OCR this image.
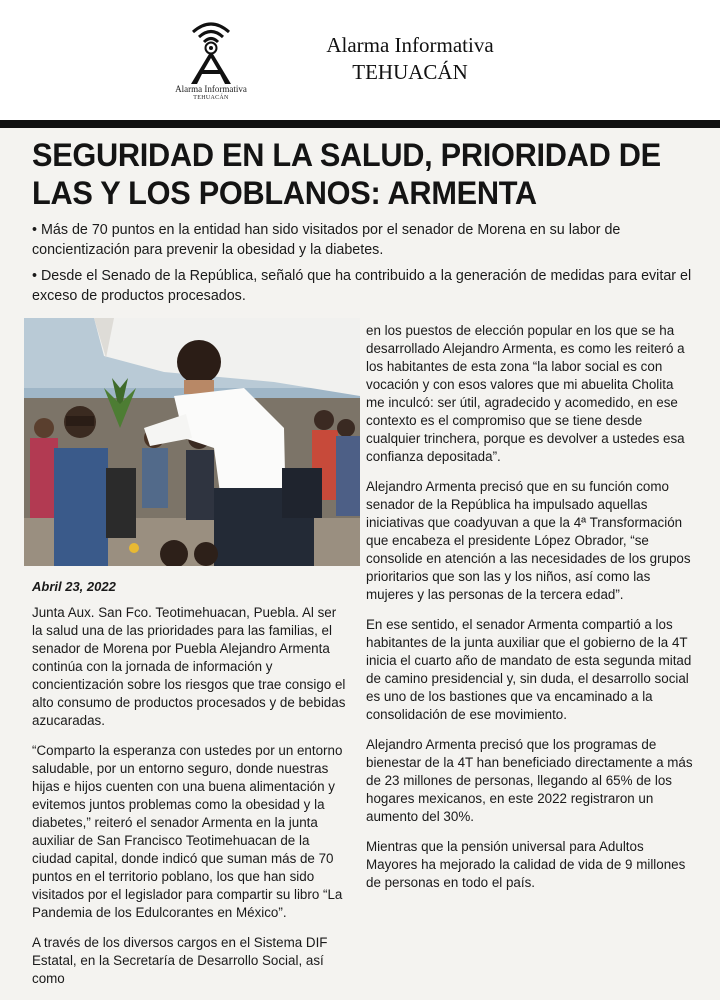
Alarma Informativa
TEHUACÁN
Alarma Informativa
TEHUACÁN
SEGURIDAD EN LA SALUD, PRIORIDAD DE LAS Y LOS POBLANOS: ARMENTA
• Más de 70 puntos en la entidad han sido visitados por el senador de Morena en su labor de concientización para prevenir la obesidad y la diabetes.
• Desde el Senado de la República, señaló que ha contribuido a la generación de medidas para evitar el exceso de productos procesados.
Abril 23, 2022

Junta Aux. San Fco. Teotimehuacan, Puebla. Al ser la salud una de las prioridades para las familias, el senador de Morena por Puebla Alejandro Armenta continúa con la jornada de información y concientización sobre los riesgos que trae consigo el alto consumo de productos procesados y de bebidas azucaradas.

“Comparto la esperanza con ustedes por un entorno saludable, por un entorno seguro, donde nuestras hijas e hijos cuenten con una buena alimentación y evitemos juntos problemas como la obesidad y la diabetes,” reiteró el senador Armenta en la junta auxiliar de San Francisco Teotimehuacan de la ciudad capital, donde indicó que suman más de 70 puntos en el territorio poblano, los que han sido visitados por el legislador para compartir su libro “La Pandemia de los Edulcorantes en México”.

A través de los diversos cargos en el Sistema DIF Estatal, en la Secretaría de Desarrollo Social, así como

en los puestos de elección popular en los que se ha desarrollado Alejandro Armenta, es como les reiteró a los habitantes de esta zona “la labor social es con vocación y con esos valores que mi abuelita Cholita me inculcó: ser útil, agradecido y acomedido, en ese contexto es el compromiso que se tiene desde cualquier trinchera, porque es devolver a ustedes esa confianza depositada”.

Alejandro Armenta precisó que en su función como senador de la República ha impulsado aquellas iniciativas que coadyuvan a que la 4ª Transformación que encabeza el presidente López Obrador, “se consolide en atención a las necesidades de los grupos prioritarios que son las y los niños, así como las mujeres y las personas de la tercera edad”.

En ese sentido, el senador Armenta compartió a los habitantes de la junta auxiliar que el gobierno de la 4T inicia el cuarto año de mandato de esta segunda mitad de camino presidencial y, sin duda, el desarrollo social es uno de los bastiones que va encaminado a la consolidación de ese movimiento.

Alejandro Armenta precisó que los programas de bienestar de la 4T han beneficiado directamente a más de 23 millones de personas, llegando al 65% de los hogares mexicanos, en este 2022 registraron un aumento del 30%.

Mientras que la pensión universal para Adultos Mayores ha mejorado la calidad de vida de 9 millones de personas en todo el país.
